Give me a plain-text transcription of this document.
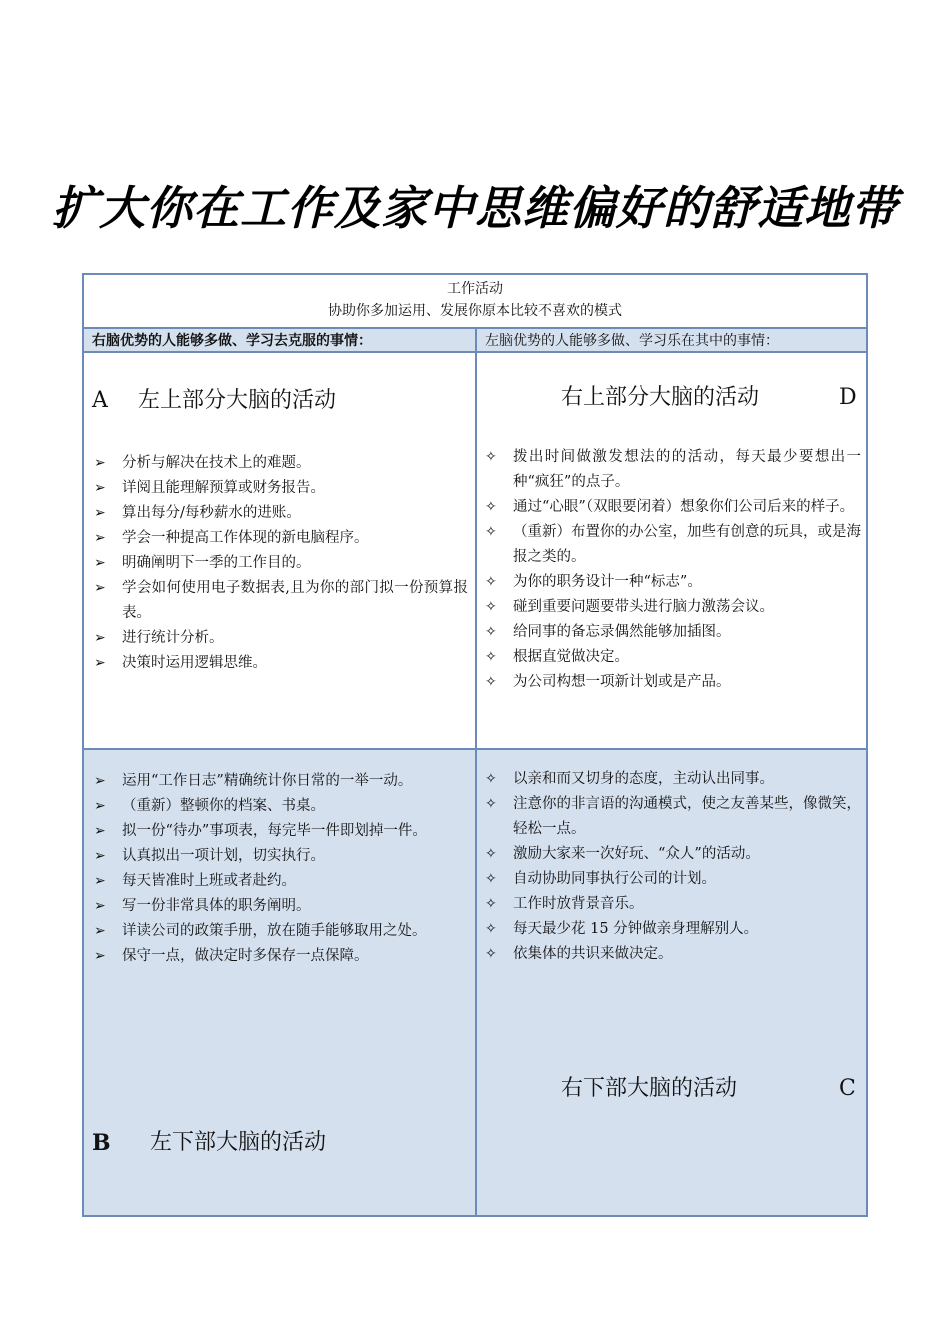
扩大你在工作及家中思维偏好的舒适地带
工作活动
协助你多加运用、发展你原本比较不喜欢的模式
右脑优势的人能够多做、学习去克服的事情：	左脑优势的人能够多做、学习乐在其中的事情：
A 左上部分大脑的活动
➢ 分析与解决在技术上的难题。
➢ 详阅且能理解预算或财务报告。
➢ 算出每分/每秒薪水的进账。
➢ 学会一种提高工作体现的新电脑程序。
➢ 明确阐明下一季的工作目的。
➢ 学会如何使用电子数据表,且为你的部门拟一份预算报表。
➢ 进行统计分析。
➢ 决策时运用逻辑思维。
右上部分大脑的活动	D
✧ 拨出时间做激发想法的的活动，每天最少要想出一种“疯狂”的点子。
✧ 通过“心眼”（双眼要闭着）想象你们公司后来的样子。
✧ （重新）布置你的办公室，加些有创意的玩具，或是海报之类的。
✧ 为你的职务设计一种“标志”。
✧ 碰到重要问题要带头进行脑力激荡会议。
✧ 给同事的备忘录偶然能够加插图。
✧ 根据直觉做决定。
✧ 为公司构想一项新计划或是产品。
➢ 运用“工作日志”精确统计你日常的一举一动。
➢ （重新）整顿你的档案、书桌。
➢ 拟一份“待办”事项表，每完毕一件即划掉一件。
➢ 认真拟出一项计划，切实执行。
➢ 每天皆准时上班或者赴约。
➢ 写一份非常具体的职务阐明。
➢ 详读公司的政策手册，放在随手能够取用之处。
➢ 保守一点，做决定时多保存一点保障。
B 左下部大脑的活动
✧ 以亲和而又切身的态度，主动认出同事。
✧ 注意你的非言语的沟通模式，使之友善某些，像微笑，轻松一点。
✧ 激励大家来一次好玩、“众人”的活动。
✧ 自动协助同事执行公司的计划。
✧ 工作时放背景音乐。
✧ 每天最少花 15 分钟做亲身理解别人。
✧ 依集体的共识来做决定。
右下部大脑的活动	C
